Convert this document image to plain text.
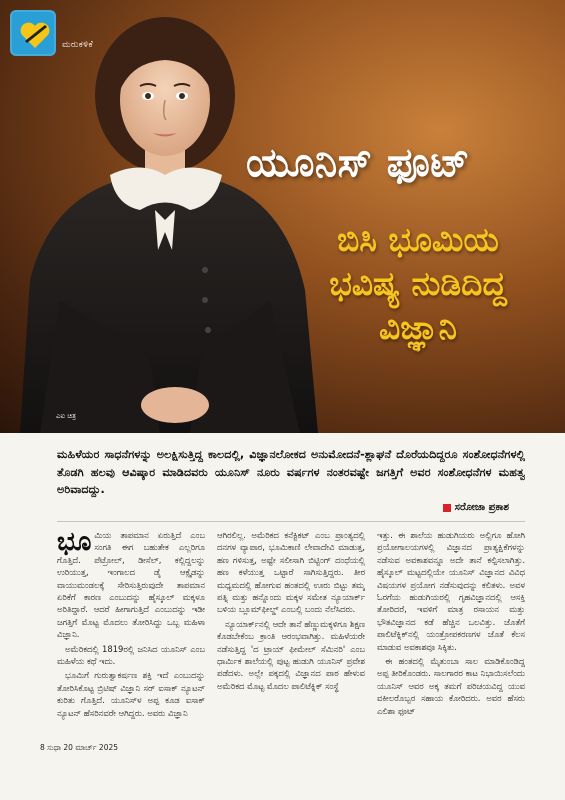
ಮರುಕಳಿಕೆ
ಯೂನಿಸ್ ಫೂಟ್
ಬಿಸಿ ಭೂಮಿಯ
ಭವಿಷ್ಯ ನುಡಿದಿದ್ದ
ವಿಜ್ಞಾನಿ
ಎಐ ಚಿತ್ರ
ಮಹಿಳೆಯರ ಸಾಧನೆಗಳನ್ನು ಅಲಕ್ಷಿಸುತ್ತಿದ್ದ ಕಾಲದಲ್ಲಿ, ವಿಜ್ಞಾನಲೋಕದ ಅನುಮೋದನೆ-ಶ್ಲಾಘನೆ ದೊರೆಯದಿದ್ದರೂ ಸಂಶೋಧನೆಗಳಲ್ಲಿ ತೊಡಗಿ ಹಲವು ಆವಿಷ್ಕಾರ ಮಾಡಿದವರು ಯೂನಿಸ್ ನೂರು ವರ್ಷಗಳ ನಂತರವಷ್ಟೇ ಜಗತ್ತಿಗೆ ಅವರ ಸಂಶೋಧನೆಗಳ ಮಹತ್ವ ಅರಿವಾದದ್ದು.
ಸರೋಜಾ ಪ್ರಕಾಶ

ಭೂಮಿಯ ತಾಪಮಾನ ಏರುತ್ತಿದೆ ಎಂಬ ಸಂಗತಿ ಈಗ ಬಹುತೇಕ ಎಲ್ಲರಿಗೂ ಗೊತ್ತಿದೆ. ಪೆಟ್ರೋಲ್, ಡೀಸೆಲ್, ಕಲ್ಲಿದ್ದಲನ್ನು ಉರಿಯುತ್ತ, ಇಂಗಾಲದ ಡೈ ಆಕ್ಸೈಡನ್ನು ವಾಯುಮಂಡಲಕ್ಕೆ ಸೇರಿಸುತ್ತಿರುವುದೇ ತಾಪಮಾನ ಏರಿಕೆಗೆ ಕಾರಣ ಎಂಬುದನ್ನು ಹೈಸ್ಕೂಲ್ ಮಕ್ಕಳೂ ಅರಿತಿದ್ದಾರೆ. ಆದರೆ ಹೀಗಾಗುತ್ತಿದೆ ಎಂಬುದನ್ನು ಇಡೀ ಜಗತ್ತಿಗೆ ಮೊಟ್ಟ ಮೊದಲು ತೋರಿಸಿದ್ದು ಒಬ್ಬ ಮಹಿಳಾ ವಿಜ್ಞಾನಿ.

ಅಮೆರಿಕದಲ್ಲಿ 1819ರಲ್ಲಿ ಜನಿಸಿದ ಯೂನಿಸ್ ಎಂಬ ಮಹಿಳೆಯ ಕಥೆ ಇದು.

ಭೂಮಿಗೆ ಗುರುತ್ವಾಕರ್ಷಣ ಶಕ್ತಿ ಇದೆ ಎಂಬುದನ್ನು ತೋರಿಸಿಕೊಟ್ಟ ಬ್ರಿಟಿಷ್ ವಿಜ್ಞಾನಿ ಸರ್ ಐಸಾಕ್ ನ್ಯೂಟನ್ ಕುರಿತು ಗೊತ್ತಿದೆ. ಯೂನಿಸ್‌ಳ ಅಪ್ಪ ಕೂಡ ಐಸಾಕ್ ನ್ಯೂಟನ್ ಹೆಸರಿನವರೇ ಆಗಿದ್ದರು. ಅವರು ವಿಜ್ಞಾನಿ

ಆಗಿರಲಿಲ್ಲ. ಅಮೆರಿಕದ ಕನೆಕ್ಟಿಕಟ್ ಎಂಬ ಪ್ರಾಂತ್ಯದಲ್ಲಿ ದನಗಳ ವ್ಯಾಪಾರ, ಭೂಮಿಕಾಣಿ ಲೇವಾದೇವಿ ಮಾಡುತ್ತ, ಹಣ ಗಳಿಸುತ್ತ, ಅಷ್ಟೇ ಸಲೀಸಾಗಿ ಬಿಟ್ಟಿಂಗ್ ದಂಧೆಯಲ್ಲಿ ಹಣ ಕಳೆಯುತ್ತ ಒಟ್ಟಾರೆ ಸಾಗಿಸುತ್ತಿದ್ದರು. ತೀರ ಮಧ್ಯಮದಲ್ಲಿ ಹೋಗುವ ಹಂತದಲ್ಲಿ ಊರು ಬಿಟ್ಟು ತಮ್ಮ ಪತ್ನಿ ಮತ್ತು ಹನ್ನೊಂದು ಮಕ್ಕಳ ಸಮೇತ ನ್ಯೂಯಾರ್ಕ್ ಬಳಿಯ ಬ್ಲೂಮ್‌ಫೀಲ್ಡ್ ಎಂಬಲ್ಲಿ ಬಂದು ನೆಲೆಸಿದರು.

ನ್ಯೂಯಾರ್ಕ್‌ನಲ್ಲಿ ಆದೇ ತಾನೆ ಹೆಣ್ಣುಮಕ್ಕಳಿಗೂ ಶಿಕ್ಷಣ ಕೊಡಬೇಕೆಂಬ ಕ್ರಾಂತಿ ಆರಂಭವಾಗಿತ್ತು. ಮಹಿಳೆಯರೇ ನಡೆಸುತ್ತಿದ್ದ 'ದ ಟ್ರಾಯ್ ಫೀಮೇಲ್ ಸೆಮಿನರಿ' ಎಂಬ ಧಾರ್ಮಿಕ ಶಾಲೆಯಲ್ಲಿ ಪುಟ್ಟ ಹುಡುಗಿ ಯೂನಿಸ್ ಪ್ರವೇಶ ಪಡೆದಳು. ಅಲ್ಲೇ ಪಕ್ಕದಲ್ಲಿ ವಿಜ್ಞಾನದ ಪಾಠ ಹೇಳುವ ಅಮೆರಿಕದ ಮೊಟ್ಟ ಮೊದಲ ಪಾಲಿಟೆಕ್ನಿಕ್ ಸಂಸ್ಥೆ

ಇತ್ತು. ಈ ಶಾಲೆಯ ಹುಡುಗಿಯರು ಅಲ್ಲಿಗೂ ಹೋಗಿ ಪ್ರಯೋಗಾಲಯಗಳಲ್ಲಿ ವಿಜ್ಞಾನದ ಪ್ರಾತ್ಯಕ್ಷಿಕೆಗಳನ್ನು ನಡೆಸುವ ಅವಕಾಶವನ್ನೂ ಅದೇ ತಾನೆ ಕಲ್ಪಿಸಲಾಗಿತ್ತು. ಹೈಸ್ಕೂಲ್ ಮಟ್ಟದಲ್ಲಿಯೇ ಯೂನಿಸ್ ವಿಜ್ಞಾನದ ವಿವಿಧ ವಿಷಯಗಳ ಪ್ರಯೋಗ ನಡೆಸುವುದನ್ನು ಕಲಿತಳು. ಅವಳ ಓರಗೆಯ ಹುಡುಗಿಯರಲ್ಲಿ ಗೃಹವಿಜ್ಞಾನದಲ್ಲಿ ಆಸಕ್ತಿ ತೋರಿದರೆ, ಇವಳಿಗೆ ಮಾತ್ರ ರಸಾಯನ ಮತ್ತು ಭೌತವಿಜ್ಞಾನದ ಕಡೆ ಹೆಚ್ಚಿನ ಒಲವಿತ್ತು. ಜೊತೆಗೆ ಪಾಲಿಟೆಕ್ನಿಕ್‌ನಲ್ಲಿ ಯಂತ್ರೋಪಕರಣಗಳ ಜೊತೆ ಕೆಲಸ ಮಾಡುವ ಅವಕಾಶವೂ ಸಿಕ್ಕಿತು.

ಈ ಹಂತದಲ್ಲಿ ಮೈತುಂಬಾ ಸಾಲ ಮಾಡಿಕೊಂಡಿದ್ದ ಅಪ್ಪ ತೀರಿಕೊಂಡರು. ಸಾಲಗಾರರ ಕಾಟ ನಿಭಾಯಿಸಲೆಂದು ಯೂನಿಸ್ ಆವರ ಅಕ್ಕ ತಮಗೆ ಪರಿಚಯವಿದ್ದ ಯುವ ವಕೀಲರೊಬ್ಬರ ಸಹಾಯ ಕೋರಿದರು. ಅವರ ಹೆಸರು ಎಲಿಶಾ ಫೂಟ್

8 ಸುಧಾ 20 ಮಾರ್ಚ್ 2025
